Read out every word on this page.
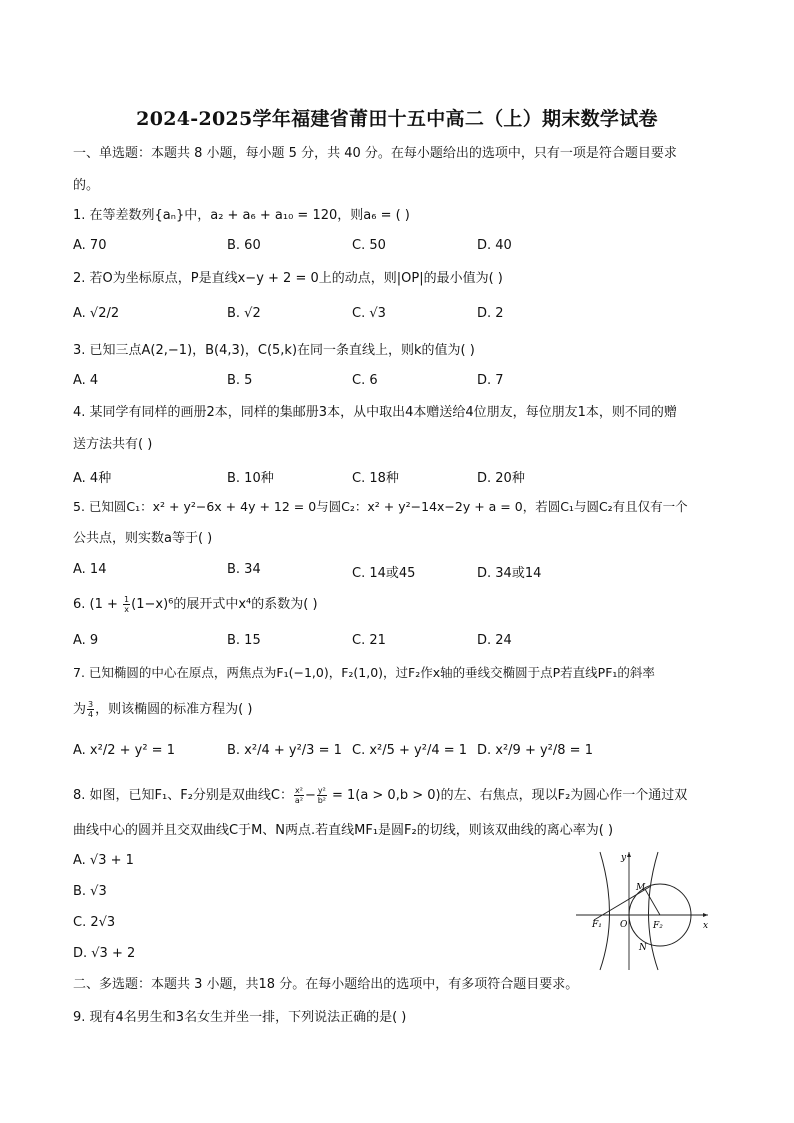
2024-2025学年福建省莆田十五中高二（上）期末数学试卷
一、单选题：本题共 8 小题，每小题 5 分，共 40 分。在每小题给出的选项中，只有一项是符合题目要求
的。
1. 在等差数列{aₙ}中，a₂ + a₆ + a₁₀ = 120，则a₆ = ( )
A. 70	B. 60	C. 50	D. 40
2. 若O为坐标原点，P是直线x−y + 2 = 0上的动点，则|OP|的最小值为( )
A. √2/2	B. √2	C. √3	D. 2
3. 已知三点A(2,−1)，B(4,3)，C(5,k)在同一条直线上，则k的值为( )
A. 4	B. 5	C. 6	D. 7
4. 某同学有同样的画册2本，同样的集邮册3本，从中取出4本赠送给4位朋友，每位朋友1本，则不同的赠
送方法共有( )
A. 4种	B. 10种	C. 18种	D. 20种
5. 已知圆C₁：x² + y²−6x + 4y + 12 = 0与圆C₂：x² + y²−14x−2y + a = 0，若圆C₁与圆C₂有且仅有一个
公共点，则实数a等于( )
A. 14	B. 34	C. 14或45	D. 34或14
6. ($1 + \frac{1}{x} (1-x)^6$的展开式中x⁴的系数为( )
A. 9	B. 15	C. 21	D. 24
7. 已知椭圆的中心在原点，两焦点为F₁(−1,0)，F₂(1,0)，过F₂作x轴的垂线交椭圆于点P若直线PF₁的斜率
为 $\frac{3}{4}$ ，则该椭圆的标准方程为( )
A. x²/2 + y² = 1	B. x²/4 + y²/3 = 1 C. x²/5 + y²/4 = 1 D. x²/9 + y²/8 = 1
8. 如图，已知F₁、F₂分别是双曲线C： $\frac{\text{x²}}{\text{a²}} - \frac{\text{y²}}{\text{b²}} = 1(a > 0,b > 0)$的左、右焦点，现以F₂为圆心作一个通过双
曲线中心的圆并且交双曲线C于M、N两点.若直线MF₁是圆F₂的切线，则该双曲线的离心率为( )
A. √3 + 1
B. √3
C. 2√3
D. √3 + 2
y
x
M
N
O
F₁	F₂
二、多选题：本题共 3 小题，共18 分。在每小题给出的选项中，有多项符合题目要求。
9. 现有4名男生和3名女生并坐一排，下列说法正确的是( )
